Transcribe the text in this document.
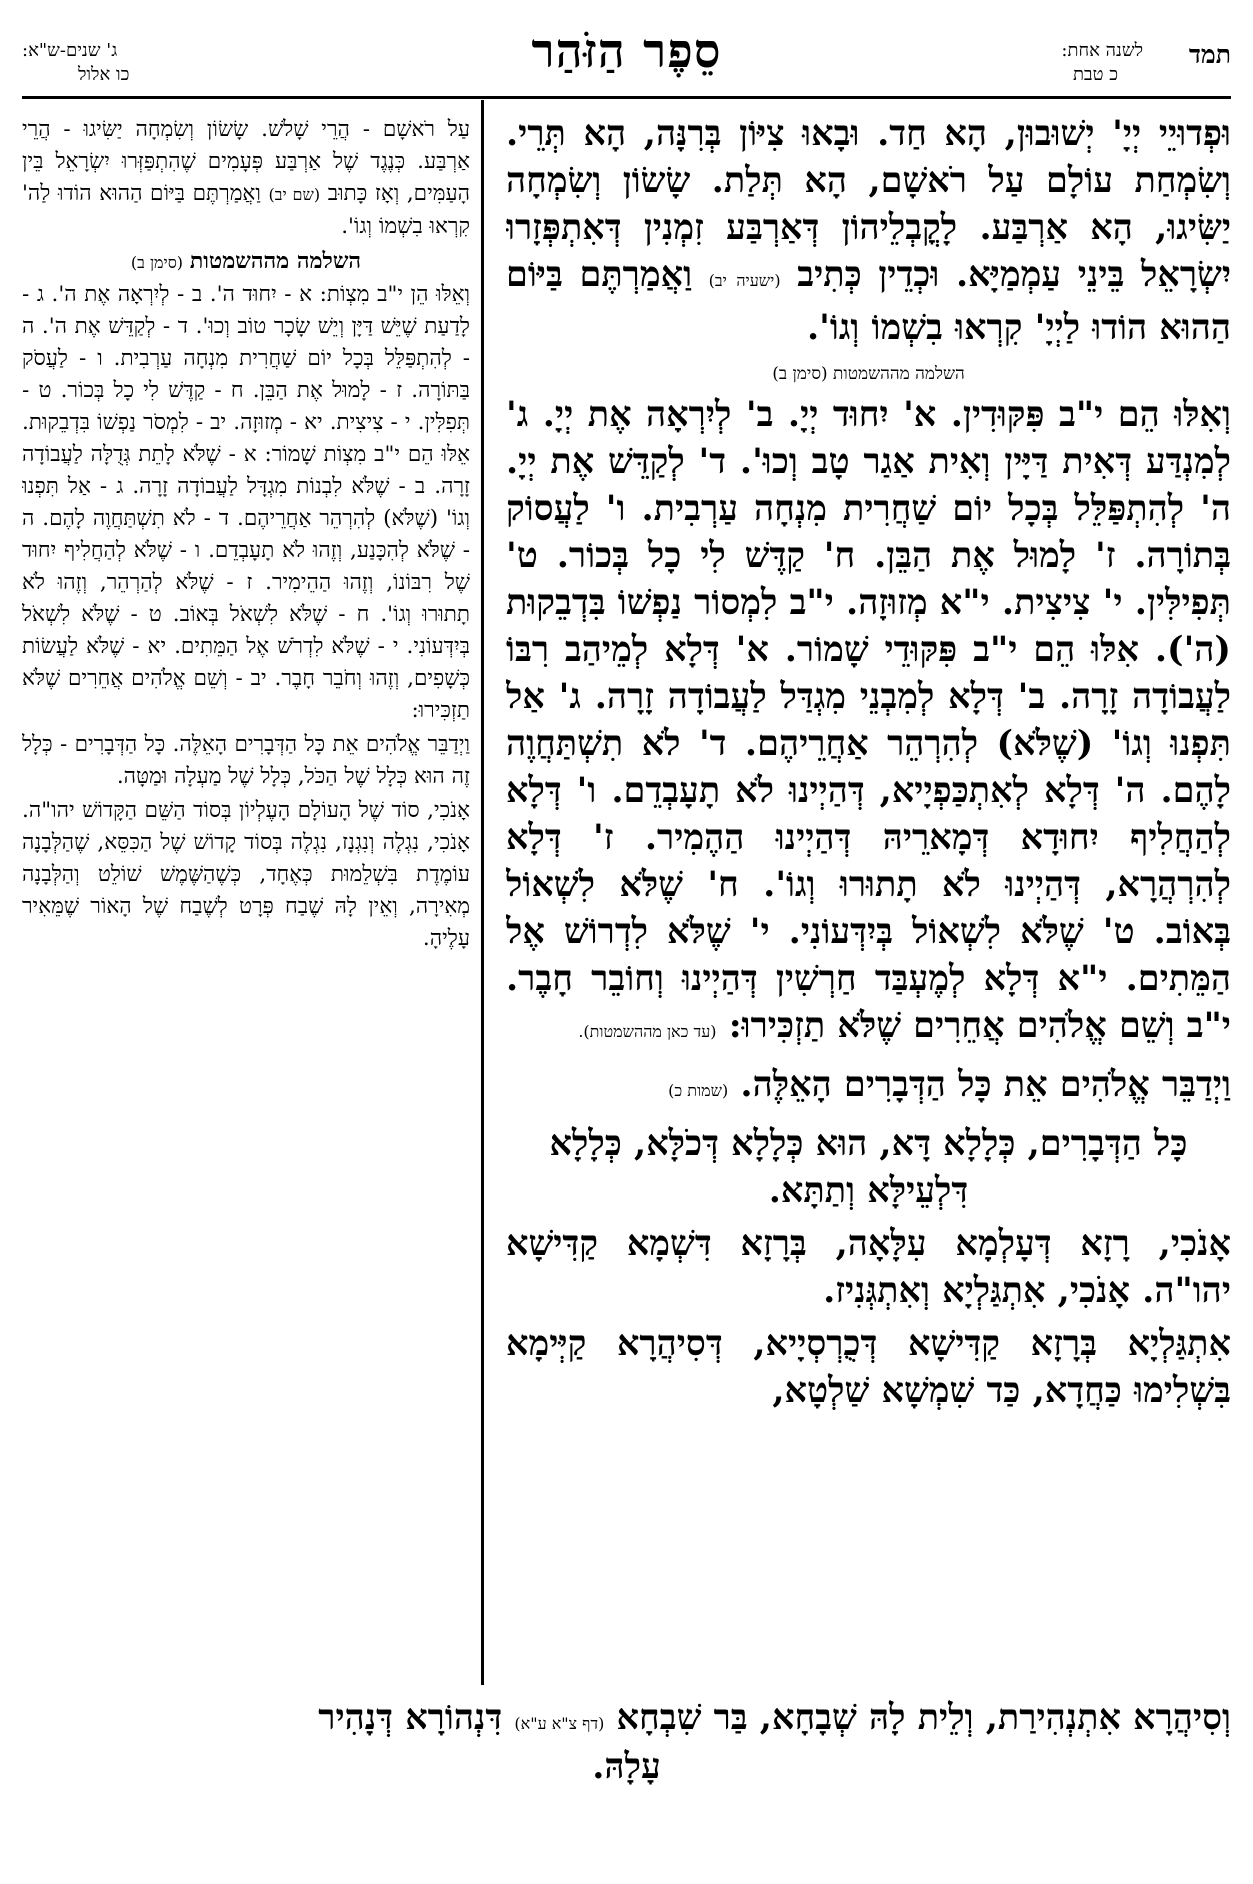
תמד
לשנה אחת:
כ טבת
סֵפֶר הַזֹּהַר
ג' שנים-ש"א:
כו אלול

וּפְדוּיֵי יְיָ' יְשׁוּבוּן, הָא חַד. וּבָאוּ צִיּוֹן בְּרִנָּה, הָא תְּרֵי. וְשִׂמְחַת עוֹלָם עַל רֹאשָׁם, הָא תְּלַת. שָׂשׂוֹן וְשִׂמְחָה יַשִּׂיגוּ, הָא אַרְבַּע. לָקֳבְלֵיהוֹן דְּאַרְבַּע זִמְנִין דְּאִתְפְּזָרוּ יִשְׂרָאֵל בֵּינֵי עַמְמַיָּא. וּכְדֵין כְּתִיב (ישעיה יב) וַאֲמַרְתֶּם בַּיּוֹם הַהוּא הוֹדוּ לַיְיָ' קִרְאוּ בִשְׁמוֹ וְגוֹ'.

השלמה מההשמטות (סימן ב)

וְאִלּוּ הֵם י"ב פִּקּוּדִין. א' יִחוּד יְיָ. ב' לְיִרְאָה אֶת יְיָ. ג' לְמִנְדַּע דְּאִית דַּיָּין וְאִית אַגַר טָב וְכוּ'. ד' לְקַדֵּשׁ אֶת יְיָ. ה' לְהִתְפַּלֵּל בְּכָל יוֹם שַׁחֲרִית מִנְחָה עַרְבִית. ו' לַעֲסוֹק בְּתוֹרָה. ז' לָמוּל אֶת הַבֵּן. ח' קַדֶּשׁ לִי כָל בְּכוֹר. ט' תְּפִילִּין. י' צִיצִית. י"א מְזוּזָה. י"ב לִמְסוֹר נַפְשׁוֹ בִּדְבֵקוּת (ה'). אִלּוּ הֵם י"ב פִּקּוּדֵי שָׁמוֹר. א' דְּלָא לְמֵיהַב רִבּוֹ לַעֲבוֹדָה זָרָה. ב' דְּלָא לְמִבְנֵי מִגְדַּל לַעֲבוֹדָה זָרָה. ג' אַל תִּפְנוּ וְגוֹ' (שֶׁלֹּא) לְהִרְהֵר אַחֲרֵיהֶם. ד' לֹא תִשְׁתַּחֲוֶה לָהֶם. ה' דְּלָא לְאִתְכַּפְיָיא, דְּהַיְינוּ לֹא תָעָבְדֵם. ו' דְּלָא לְהַחֲלִיף יִחוּדָא דְּמָארֵיהּ דְּהַיְינוּ הַהֶמִיר. ז' דְּלָא לְהִרְהֲרָא, דְּהַיְינוּ לֹא תָתוּרוּ וְגוֹ'. ח' שֶׁלֹּא לִשְׁאוֹל בְּאוֹב. ט' שֶׁלֹּא לִשְׁאוֹל בְּיִדְּעוֹנִי. י' שֶׁלֹּא לִדְרוֹשׁ אֶל הַמֵּתִים. י"א דְּלָא לְמֶעְבַּד חַרְשִׁין דְּהַיְינוּ וְחוֹבֵר חָבֶר. י"ב וְשֵׁם אֱלֹהִים אֲחֵרִים שֶׁלֹּא תַזְכִּירוּ: (עד כאן מההשמטות).

וַיְדַבֵּר אֱלֹהִים אֵת כָּל הַדְּבָרִים הָאֵלֶּה. (שמות כ)

כָּל הַדְּבָרִים, כְּלָלָא דָּא, הוּא כְּלָלָא דְּכֹלָּא, כְּלָלָא דִּלְעֵילָּא וְתַתָּא.

אָנֹכִי, רָזָא דְּעָלְמָא עִלָּאָה, בְּרָזָא דִּשְׁמָא קַדִּישָׁא יהו"ה. אָנֹכִי, אִתְגַּלְיָא וְאִתְגְּנִיז.

אִתְגַּלְיָא בְּרָזָא קַדִּישָׁא דְּכֻרְסְיָיא, דְּסִיהֲרָא קַיְּימָא בִּשְׁלִימוּ כַּחֲדָא, כַּד שִׁמְשָׁא שַׁלְטָא,

עַל רֹאשָׁם - הֲרֵי שָׁלֹשׁ. שָׂשׂוֹן וְשִׂמְחָה יַשִּׂיגוּ - הֲרֵי אַרְבַּע. כְּנֶגֶד שֶׁל אַרְבַּע פְּעָמִים שֶׁהִתְפַּזְּרוּ יִשְׂרָאֵל בֵּין הָעַמִּים, וְאָז כָּתוּב (שם יב) וַאֲמַרְתֶּם בַּיּוֹם הַהוּא הוֹדוּ לַה' קִרְאוּ בִשְׁמוֹ וְגוֹ'.

השלמה מההשמטות (סימן ב)

וְאֵלּוּ הֵן י"ב מִצְוֹת: א - יִחוּד ה'. ב - לְיִרְאָה אֶת ה'. ג - לָדַעַת שֶׁיֵּשׁ דַּיָּן וְיֵשׁ שָׂכָר טוֹב וְכוּ'. ד - לְקַדֵּשׁ אֶת ה'. ה - לְהִתְפַּלֵּל בְּכָל יוֹם שַׁחֲרִית מִנְחָה עַרְבִית. ו - לַעֲסֹק בַּתּוֹרָה. ז - לָמוּל אֶת הַבֵּן. ח - קַדֶּשׁ לִי כָל בְּכוֹר. ט - תְּפִלִּין. י - צִיצִית. יא - מְזוּזָה. יב - לִמְסֹר נַפְשׁוֹ בִּדְבֵקוּת. אֵלּוּ הֵם י"ב מִצְוֹת שָׁמוֹר: א - שֶׁלֹּא לָתֵת גְּדֻלָּה לַעֲבוֹדָה זָרָה. ב - שֶׁלֹּא לִבְנוֹת מִגְדָּל לַעֲבוֹדָה זָרָה. ג - אַל תִּפְנוּ וְגוֹ' (שֶׁלֹּא) לְהִרְהֵר אַחֲרֵיהֶם. ד - לֹא תִשְׁתַּחֲוֶה לָהֶם. ה - שֶׁלֹּא לְהִכָּנַע, וְזֶהוּ לֹא תָעָבְדֵם. ו - שֶׁלֹּא לְהַחֲלִיף יִחוּד שֶׁל רִבּוֹנוֹ, וְזֶהוּ הַהֵימִיר. ז - שֶׁלֹּא לְהַרְהֵר, וְזֶהוּ לֹא תָתוּרוּ וְגוֹ'. ח - שֶׁלֹּא לִשְׁאֹל בְּאוֹב. ט - שֶׁלֹּא לִשְׁאֹל בְּיִדְּעוֹנִי. י - שֶׁלֹּא לִדְרֹשׁ אֶל הַמֵּתִים. יא - שֶׁלֹּא לַעֲשׂוֹת כְּשָׁפִים, וְזֶהוּ וְחֹבֵר חָבֶר. יב - וְשֵׁם אֱלֹהִים אֲחֵרִים שֶׁלֹּא תַזְכִּירוּ:

וַיְדַבֵּר אֱלֹהִים אֵת כָּל הַדְּבָרִים הָאֵלֶּה. כָּל הַדְּבָרִים - כְּלָל זֶה הוּא כְּלָל שֶׁל הַכֹּל, כְּלָל שֶׁל מַעְלָה וּמַטָּה.

אָנֹכִי, סוֹד שֶׁל הָעוֹלָם הָעֶלְיוֹן בְּסוֹד הַשֵּׁם הַקָּדוֹשׁ יהו"ה. אָנֹכִי, נִגְלֶה וְנִגְנָז, נִגְלֶה בְּסוֹד קָדוֹשׁ שֶׁל הַכִּסֵּא, שֶׁהַלְּבָנָה עוֹמֶדֶת בִּשְׁלֵמוּת כְּאֶחָד, כְּשֶׁהַשֶּׁמֶשׁ שׁוֹלֵט וְהַלְּבָנָה מְאִירָה, וְאֵין לָהּ שֶׁבַח פְּרָט לְשֶׁבַח שֶׁל הָאוֹר שֶׁמֵּאִיר עָלֶיהָ.

וְסִיהֲרָא אִתְנְהִירַת, וְלֵית לָהּ שְׁבָחָא, בַּר שִׁבְחָא (דף צ"א ע"א) דִּנְהוֹרָא דְּנָהִיר
עָלָהּ.
